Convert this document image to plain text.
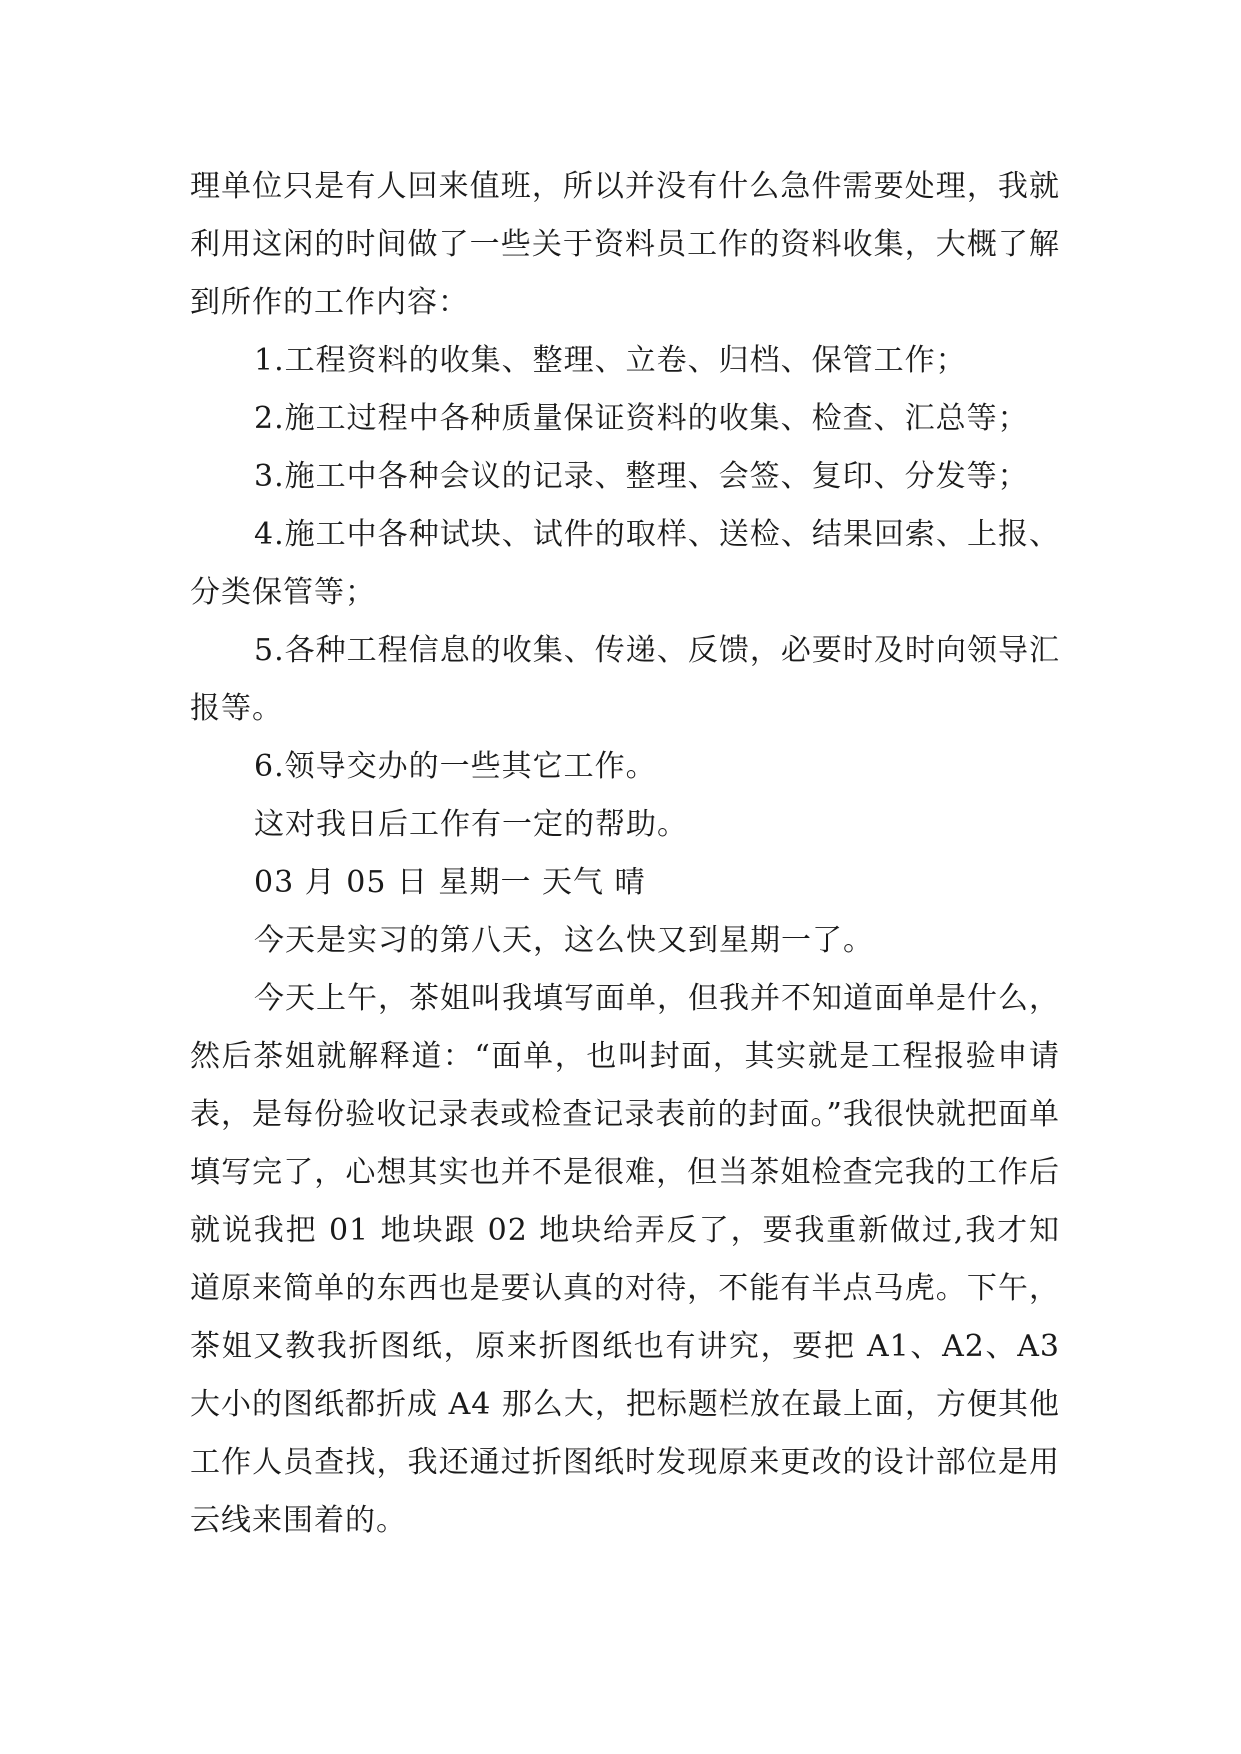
理单位只是有人回来值班，所以并没有什么急件需要处理，我就利用这闲的时间做了一些关于资料员工作的资料收集，大概了解到所作的工作内容：

1.工程资料的收集、整理、立卷、归档、保管工作；

2.施工过程中各种质量保证资料的收集、检查、汇总等；

3.施工中各种会议的记录、整理、会签、复印、分发等；

4.施工中各种试块、试件的取样、送检、结果回索、上报、分类保管等；

5.各种工程信息的收集、传递、反馈，必要时及时向领导汇报等。

6.领导交办的一些其它工作。

这对我日后工作有一定的帮助。

03 月 05 日 星期一 天气 晴

今天是实习的第八天，这么快又到星期一了。

今天上午，茶姐叫我填写面单，但我并不知道面单是什么，然后茶姐就解释道：“面单，也叫封面，其实就是工程报验申请表，是每份验收记录表或检查记录表前的封面。”我很快就把面单填写完了，心想其实也并不是很难，但当茶姐检查完我的工作后就说我把 01 地块跟 02 地块给弄反了，要我重新做过,我才知道原来简单的东西也是要认真的对待，不能有半点马虎。下午，茶姐又教我折图纸，原来折图纸也有讲究，要把 A1、A2、A3 大小的图纸都折成 A4 那么大，把标题栏放在最上面，方便其他工作人员查找，我还通过折图纸时发现原来更改的设计部位是用云线来围着的。
